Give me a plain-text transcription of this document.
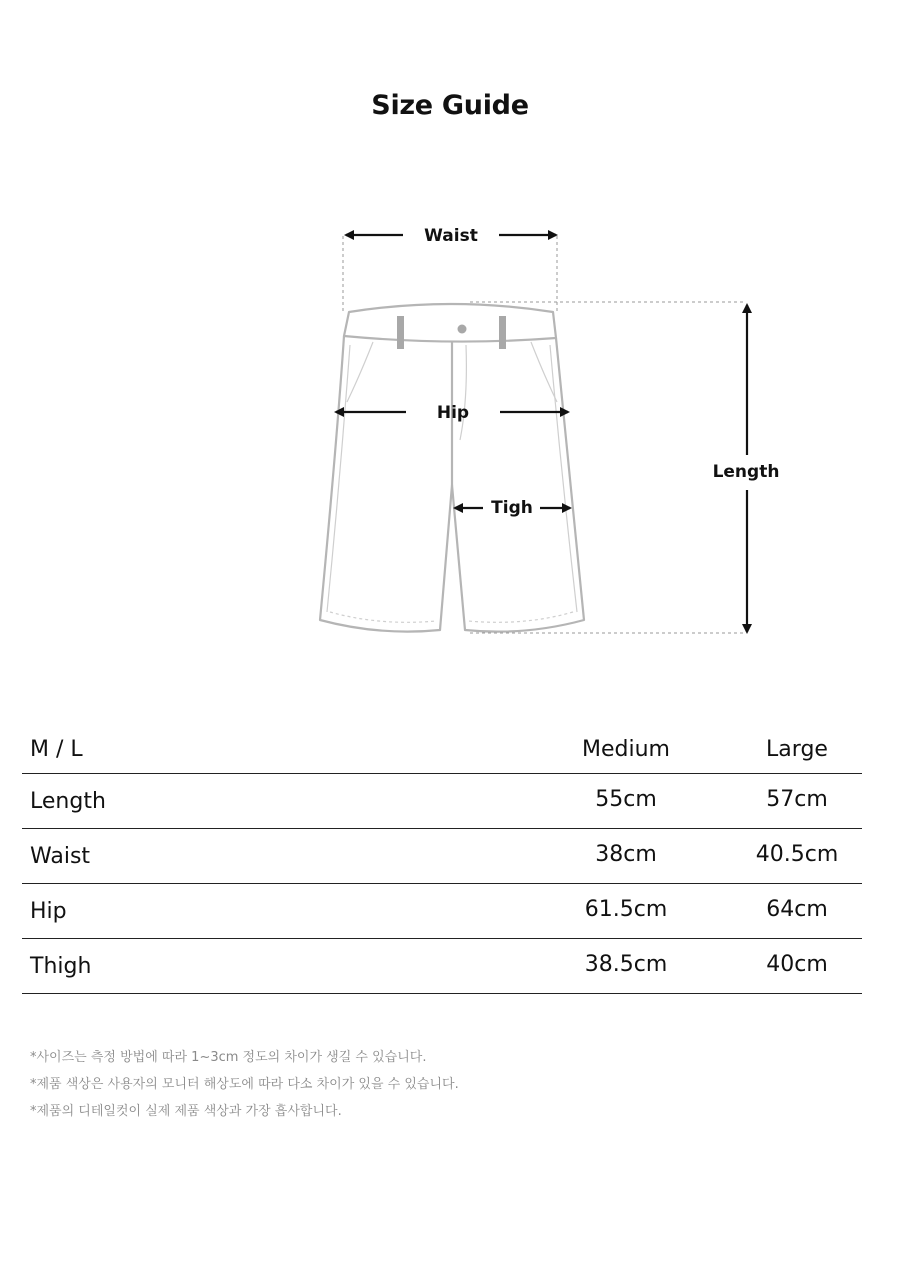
Size Guide
Waist
Hip
Tigh
Length
M / L	Medium	Large
Length	55cm	57cm
Waist	38cm	40.5cm
Hip	61.5cm	64cm
Thigh	38.5cm	40cm
*사이즈는 측정 방법에 따라 1~3cm 정도의 차이가 생길 수 있습니다.
*제품 색상은 사용자의 모니터 해상도에 따라 다소 차이가 있을 수 있습니다.
*제품의 디테일컷이 실제 제품 색상과 가장 흡사합니다.
